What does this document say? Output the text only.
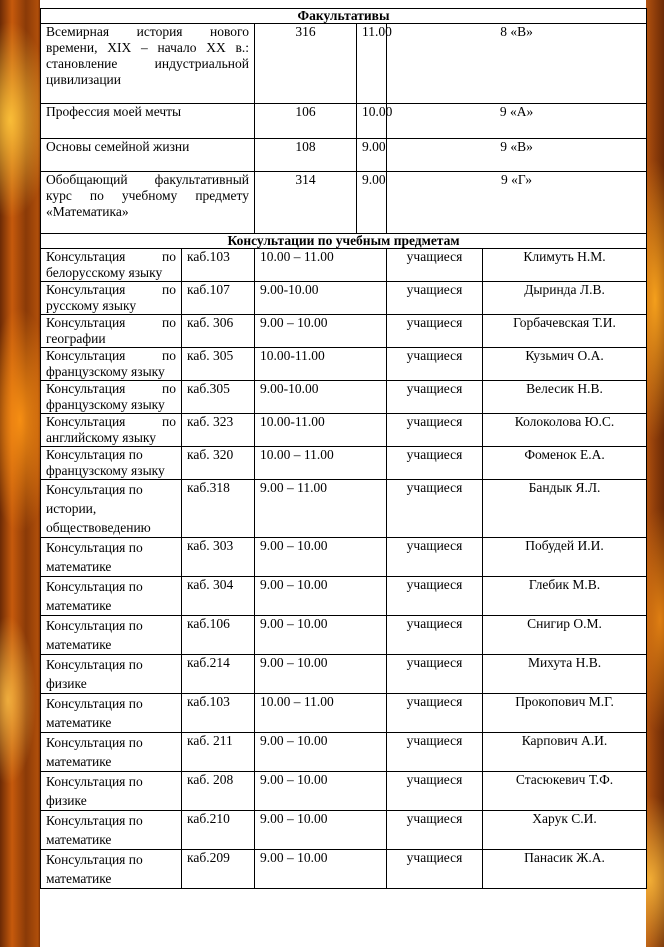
Факультативы						
Всемирная история нового времени, XIX – начало XX в.: становление индустриальной цивилизации		316	11.00	8 «В»	
Профессия моей мечты		106	10.00	9 «А»	
Основы семейной жизни		108	9.00	9 «В»	
Обобщающий факультативный курс по учебному предмету «Математика»		314	9.00	9 «Г»	
Консультации по учебным предметам						

Консультация по
белорусскому языку	каб.103	10.00 – 11.00		учащиеся	Климуть Н.М.	

Консультация по
русскому языку	каб.107	9.00-10.00		учащиеся	Дыринда Л.В.	

Консультация по
географии	каб. 306	9.00 – 10.00		учащиеся	Горбачевская Т.И.	

Консультация по
французскому языку	каб. 305	10.00-11.00		учащиеся	Кузьмич О.А.	

Консультация по
французскому языку	каб.305	9.00-10.00		учащиеся	Велесик Н.В.	

Консультация по
английскому языку	каб. 323	10.00-11.00		учащиеся	Колоколова Ю.С.	

Консультация по
французскому языку	каб. 320	10.00 – 11.00		учащиеся	Фоменок Е.А.	
Консультация по истории, обществоведению	каб.318	9.00 – 11.00		учащиеся	Бандык Я.Л.	
Консультация по математике	каб. 303	9.00 – 10.00		учащиеся	Побудей И.И.	
Консультация по математике	каб. 304	9.00 – 10.00		учащиеся	Глебик М.В.	
Консультация по математике	каб.106	9.00 – 10.00		учащиеся	Снигир О.М.	
Консультация по физике	каб.214	9.00 – 10.00		учащиеся	Михута Н.В.	
Консультация по математике	каб.103	10.00 – 11.00		учащиеся	Прокопович М.Г.	
Консультация по математике	каб. 211	9.00 – 10.00		учащиеся	Карпович А.И.	
Консультация по физике	каб. 208	9.00 – 10.00		учащиеся	Стасюкевич Т.Ф.	
Консультация по математике	каб.210	9.00 – 10.00		учащиеся	Харук С.И.	
Консультация по математике	каб.209	9.00 – 10.00		учащиеся	Панасик Ж.А.	
